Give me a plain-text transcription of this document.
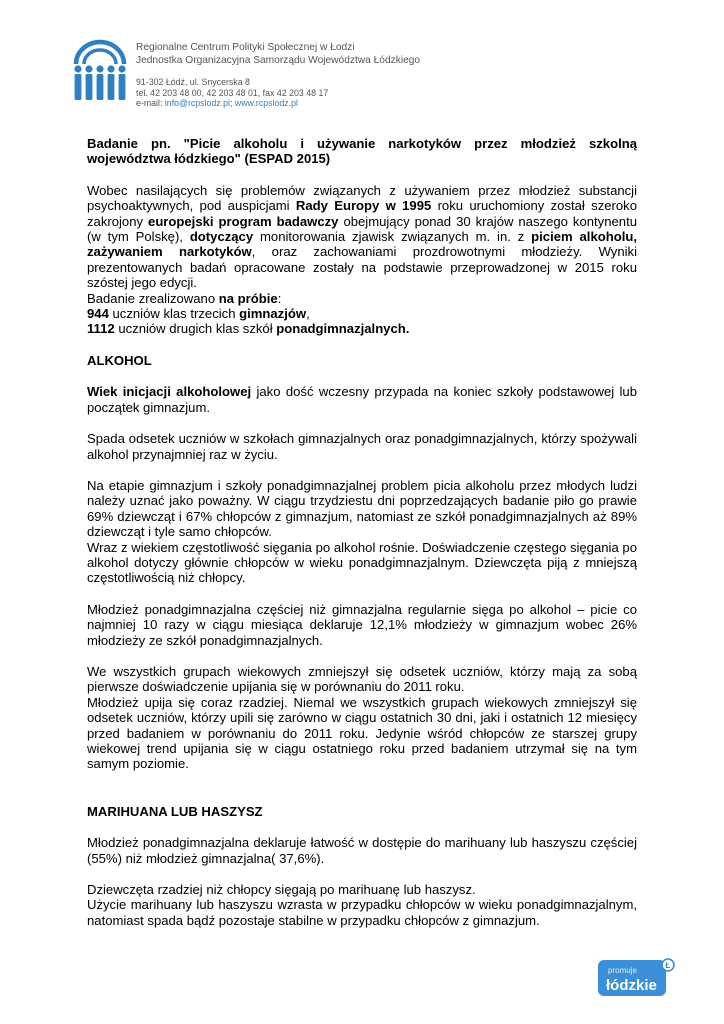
Regionalne Centrum Polityki Społecznej w Łodzi
Jednostka Organizacyjna Samorządu Województwa Łódzkiego
91-302 Łódź, ul. Snycerska 8
tel. 42 203 48 00, 42 203 48 01, fax 42 203 48 17
e-mail: info@rcpslodz.pl; www.rcpslodz.pl

Badanie pn. "Picie alkoholu i używanie narkotyków przez młodzież szkolną województwa łódzkiego" (ESPAD 2015)

Wobec nasilających się problemów związanych z używaniem przez młodzież substancji psychoaktywnych, pod auspicjami Rady Europy w 1995 roku uruchomiony został szeroko zakrojony europejski program badawczy obejmujący ponad 30 krajów naszego kontynentu (w tym Polskę), dotyczący monitorowania zjawisk związanych m. in. z piciem alkoholu, zażywaniem narkotyków, oraz zachowaniami prozdrowotnymi młodzieży. Wyniki prezentowanych badań opracowane zostały na podstawie przeprowadzonej w 2015 roku szóstej jego edycji.

Badanie zrealizowano na próbie:

944 uczniów klas trzecich gimnazjów,

1112 uczniów drugich klas szkół ponadgimnazjalnych.

ALKOHOL

Wiek inicjacji alkoholowej jako dość wczesny przypada na koniec szkoły podstawowej lub początek gimnazjum.

Spada odsetek uczniów w szkołach gimnazjalnych oraz ponadgimnazjalnych, którzy spożywali alkohol przynajmniej raz w życiu.

Na etapie gimnazjum i szkoły ponadgimnazjalnej problem picia alkoholu przez młodych ludzi należy uznać jako poważny. W ciągu trzydziestu dni poprzedzających badanie piło go prawie 69% dziewcząt i 67% chłopców z gimnazjum, natomiast ze szkół ponadgimnazjalnych aż 89% dziewcząt i tyle samo chłopców.

Wraz z wiekiem częstotliwość sięgania po alkohol rośnie. Doświadczenie częstego sięgania po alkohol dotyczy głównie chłopców w wieku ponadgimnazjalnym. Dziewczęta piją z mniejszą częstotliwością niż chłopcy.

Młodzież ponadgimnazjalna częściej niż gimnazjalna regularnie sięga po alkohol – picie co najmniej 10 razy w ciągu miesiąca deklaruje 12,1% młodzieży w gimnazjum wobec 26% młodzieży ze szkół ponadgimnazjalnych.

We wszystkich grupach wiekowych zmniejszył się odsetek uczniów, którzy mają za sobą pierwsze doświadczenie upijania się w porównaniu do 2011 roku.

Młodzież upija się coraz rzadziej. Niemal we wszystkich grupach wiekowych zmniejszył się odsetek uczniów, którzy upili się zarówno w ciągu ostatnich 30 dni, jaki i ostatnich 12 miesięcy przed badaniem w porównaniu do 2011 roku. Jedynie wśród chłopców ze starszej grupy wiekowej trend upijania się w ciągu ostatniego roku przed badaniem utrzymał się na tym samym poziomie.

MARIHUANA LUB HASZYSZ

Młodzież ponadgimnazjalna deklaruje łatwość w dostępie do marihuany lub haszyszu częściej (55%) niż młodzież gimnazjalna( 37,6%).

Dziewczęta rzadziej niż chłopcy sięgają po marihuanę lub haszysz.

Użycie marihuany lub haszyszu wzrasta w przypadku chłopców w wieku ponadgimnazjalnym, natomiast spada bądź pozostaje stabilne w przypadku chłopców z gimnazjum.

Ł
promuje
łódzkie
